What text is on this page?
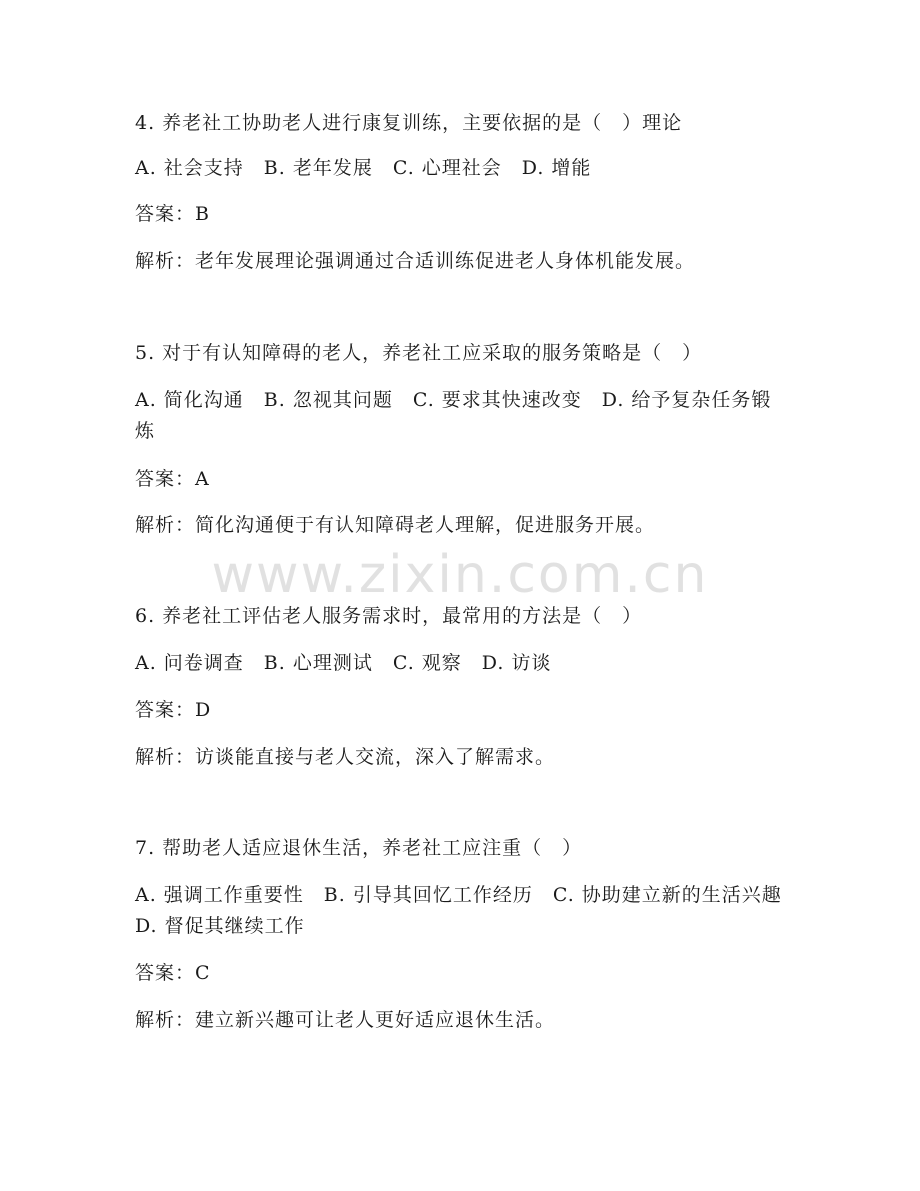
4. 养老社工协助老人进行康复训练，主要依据的是（　）理论
A. 社会支持　B. 老年发展　C. 心理社会　D. 增能
答案：B
解析：老年发展理论强调通过合适训练促进老人身体机能发展。
5. 对于有认知障碍的老人，养老社工应采取的服务策略是（　）
A. 简化沟通　B. 忽视其问题　C. 要求其快速改变　D. 给予复杂任务锻炼
答案：A
解析：简化沟通便于有认知障碍老人理解，促进服务开展。
www.zixin.com.cn
6. 养老社工评估老人服务需求时，最常用的方法是（　）
A. 问卷调查　B. 心理测试　C. 观察　D. 访谈
答案：D
解析：访谈能直接与老人交流，深入了解需求。
7. 帮助老人适应退休生活，养老社工应注重（　）
A. 强调工作重要性　B. 引导其回忆工作经历　C. 协助建立新的生活兴趣　D. 督促其继续工作
答案：C
解析：建立新兴趣可让老人更好适应退休生活。
